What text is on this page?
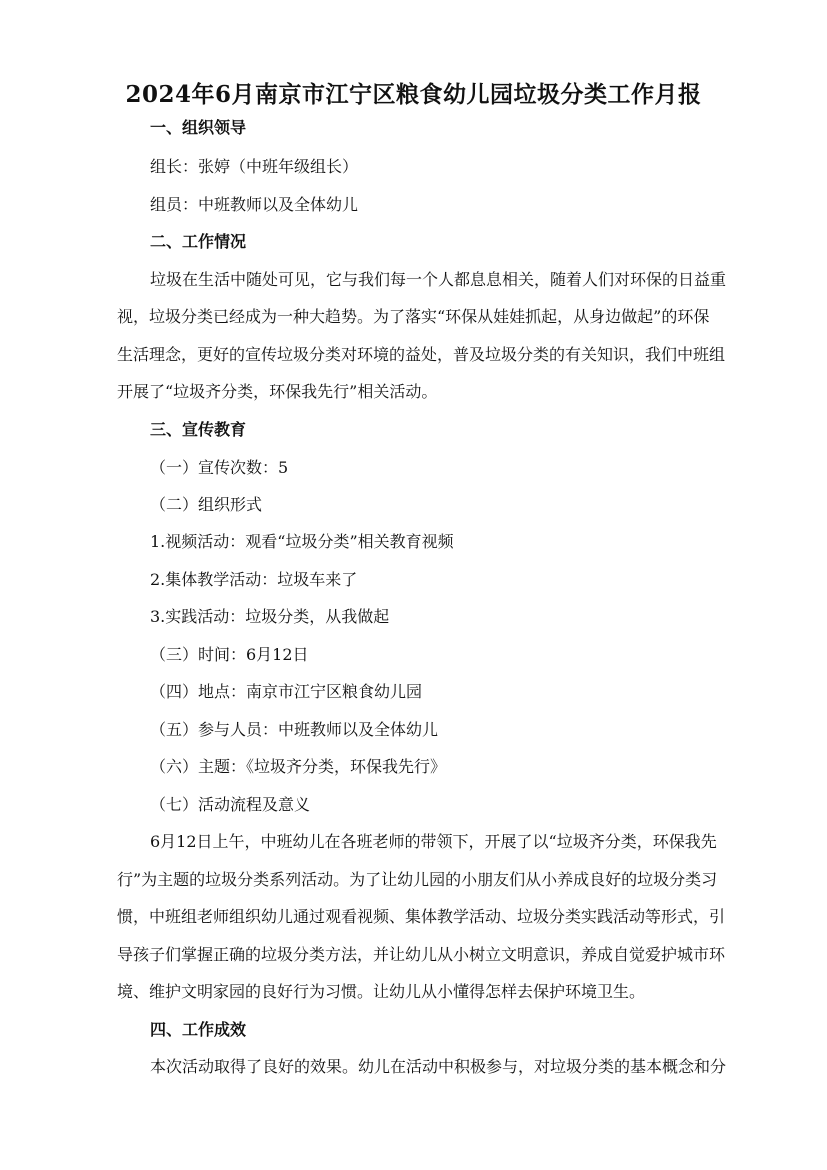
2024年6月南京市江宁区粮食幼儿园垃圾分类工作月报
一、组织领导
组长：张婷（中班年级组长）
组员：中班教师以及全体幼儿
二、工作情况
垃圾在生活中随处可见，它与我们每一个人都息息相关，随着人们对环保的日益重
视，垃圾分类已经成为一种大趋势。为了落实“环保从娃娃抓起，从身边做起”的环保
生活理念，更好的宣传垃圾分类对环境的益处，普及垃圾分类的有关知识，我们中班组
开展了“垃圾齐分类，环保我先行”相关活动。
三、宣传教育
（一）宣传次数：5
（二）组织形式
1.视频活动：观看“垃圾分类”相关教育视频
2.集体教学活动：垃圾车来了
3.实践活动：垃圾分类，从我做起
（三）时间：6月12日
（四）地点：南京市江宁区粮食幼儿园
（五）参与人员：中班教师以及全体幼儿
（六）主题：《垃圾齐分类，环保我先行》
（七）活动流程及意义
6月12日上午，中班幼儿在各班老师的带领下，开展了以“垃圾齐分类，环保我先
行”为主题的垃圾分类系列活动。为了让幼儿园的小朋友们从小养成良好的垃圾分类习
惯，中班组老师组织幼儿通过观看视频、集体教学活动、垃圾分类实践活动等形式，引
导孩子们掌握正确的垃圾分类方法，并让幼儿从小树立文明意识，养成自觉爱护城市环
境、维护文明家园的良好行为习惯。让幼儿从小懂得怎样去保护环境卫生。
四、工作成效
本次活动取得了良好的效果。幼儿在活动中积极参与，对垃圾分类的基本概念和分
